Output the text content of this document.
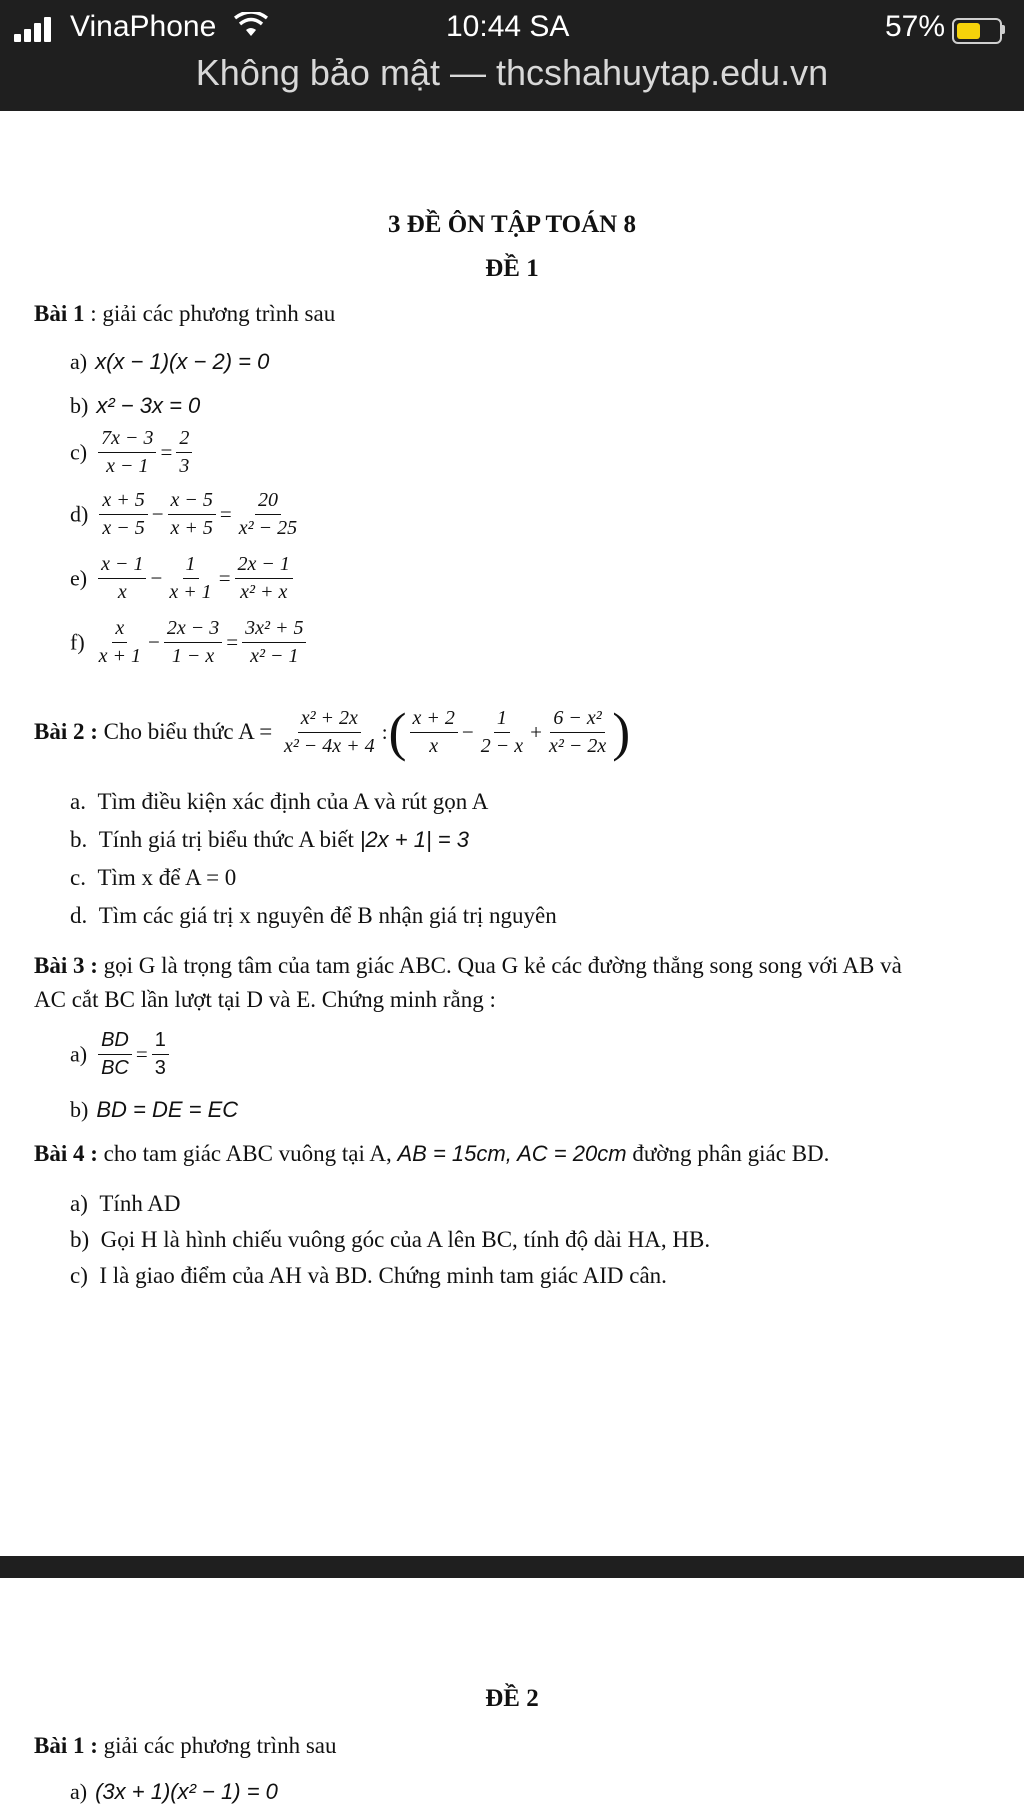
VinaPhone	10:44 SA	57%
Không bảo mật — thcshahuytap.edu.vn
3 ĐỀ ÔN TẬP TOÁN 8
ĐỀ 1
Bài 1 : giải các phương trình sau
a) x(x − 1)(x − 2) = 0
b) x² − 3x = 0
$c) \frac{7x - 3}{x - 1} = \frac{2}{3}$
$d) \frac{x + 5}{x - 5} - \frac{x - 5}{x + 5} = \frac{20}{\text{x² − 25}}$
$e) \frac{x - 1}{x} - \frac{1}{x + 1} = \frac{2x - 1}{\text{x² + x}}$
$f) \frac{x}{x + 1} - \frac{2x - 3}{1 - x} = \frac{\text{3x² + 5}}{\text{x² − 1}}$
Bài 2 : Cho biểu thức $A = \frac{\text{x² + 2x}}{\text{x² − 4x + 4}}$ :( $\frac{x + 2}{x} - \frac{1}{2 - x} + \frac{\text{6 − x²}}{\text{x² − 2x}}$ )
a. Tìm điều kiện xác định của A và rút gọn A
b. Tính giá trị biểu thức A biết |2x + 1| = 3
c. Tìm x để A = 0
d. Tìm các giá trị x nguyên để B nhận giá trị nguyên
Bài 3 : gọi G là trọng tâm của tam giác ABC. Qua G kẻ các đường thẳng song song với AB và
AC cắt BC lần lượt tại D và E. Chứng minh rằng :
$a) \frac{BD}{BC} = \frac{1}{3}$
b) BD = DE = EC
Bài 4 : cho tam giác ABC vuông tại A, AB = 15cm, AC = 20cm đường phân giác BD.
a) Tính AD
b) Gọi H là hình chiếu vuông góc của A lên BC, tính độ dài HA, HB.
c) I là giao điểm của AH và BD. Chứng minh tam giác AID cân.
ĐỀ 2
Bài 1 : giải các phương trình sau
a) (3x + 1)(x² − 1) = 0
